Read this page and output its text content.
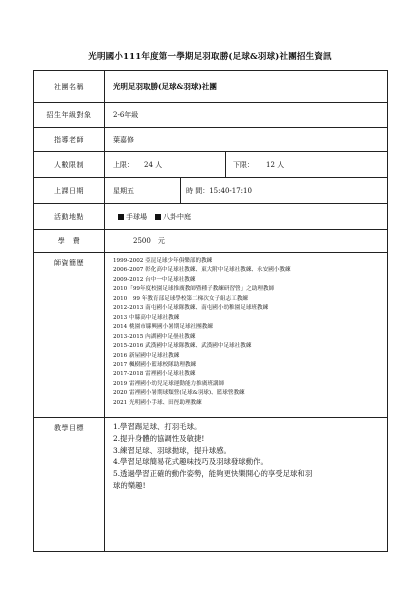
光明國小111年度第一學期足羽取勝(足球&羽球)社團招生資訊
社團名稱	光明足羽取勝(足球&羽球)社團
招生年級對象	2-6年級
指導老師	葉嘉修
人數限制	上限： 24 人	下限： 12 人
上課日期	星期五	時 間：15:40-17:10
活動地點	手球場 八卦中庭
學　費	2500　元
師資簡歷	1999-2002 亞昆足球少年俱樂部的教練
2006-2007 彰化高中足球社教練、東大附中足球社教練、永安國小教練
2009-2012 台中一中足球社教練
2010「99年度校園足球推廣教師暨種子教練研習營」之助理教師
2010　99 年教育部足球學校第二梯次女子組志工教練
2012-2013 南屯國小足球隊教練、南屯國小幼稚園足球班教練
2013 中縣高中足球社教練
2014 桃園市縣興國小暑期足球社團教練
2013-2015 內湖國中足壘社教練
2015-2016 武漢國中足球隊教練、武漢國中足球社教練
2016 新屋國中足球社教練
2017 楓樹國小籃球校隊助理教練
2017-2018 雷裡國小足球社教練
2019 雷裡國小幼兒足球運動能力推廣班講師
2020 雷裡國小暑期球類營(足球&羽球)、籃球營教練
2021 光明國小手球、田徑助理教練
教學目標	1.學習踢足球、打羽毛球。
2.提升身體的協調性及敏捷!
3.練習足球、羽球拋球，提升球感。
4.學習足球簡易花式趣味技巧及羽球發球動作。
5.透過學習正確的動作姿勢，能夠更快樂開心的享受足球和羽
球的樂趣!
